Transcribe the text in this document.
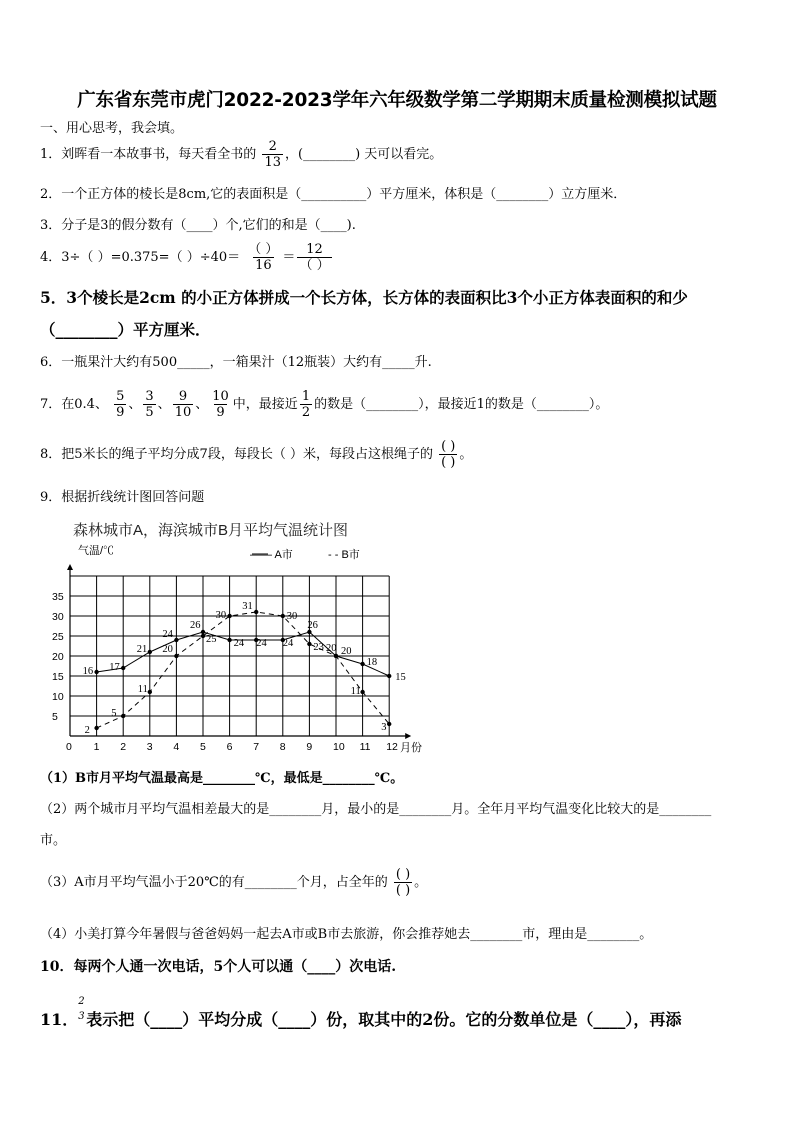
广东省东莞市虎门2022-2023学年六年级数学第二学期期末质量检测模拟试题
一、用心思考，我会填。
1．刘晖看一本故事书，每天看全书的 $\frac{2}{13}$ ，(________) 天可以看完。
2．一个正方体的棱长是8cm,它的表面积是（__________）平方厘米，体积是（________）立方厘米．
3．分子是3的假分数有（____）个,它们的和是（____).
4．3÷（ ）=0.375=（ ）$\div 40= \frac{( )}{16} = \frac{12}{( )}$
5．3个棱长是2cm 的小正方体拼成一个长方体，长方体的表面积比3个小正方体表面积的和少
（________）平方厘米．
6．一瓶果汁大约有500_____，一箱果汁（12瓶装）大约有_____升.
7．在0.4、 $\frac{5}{9}$ 、 $\frac{3}{5}$ 、 $\frac{9}{10}$ 、 $\frac{10}{9}$ 中，最接近 $\frac{1}{2}$ 的数是（________），最接近1的数是（________）。
8．把5米长的绳子平均分成7段，每段长（ ）米，每段占这根绳子的 $\frac{( )}{( )}$ 。
9．根据折线统计图回答问题
森林城市A，海滨城市B月平均气温统计图
0 1 2 3 4 5 6 7 8 9 10 11 12
5
10
15
20
25
30
35
16 17
21
24
26
24 24 24
26
20
18
15
2
5
11
20
25
30
31
30
23 20
11
3
气温/℃
月份
—— A市	- - B市
（1）B市月平均气温最高是________℃，最低是________℃。
（2）两个城市月平均气温相差最大的是________月，最小的是________月。全年月平均气温变化比较大的是________
市。
（3）A市月平均气温小于20℃的有________个月，占全年的 $\frac{( )}{( )}$ 。
（4）小美打算今年暑假与爸爸妈妈一起去A市或B市去旅游，你会推荐她去________市，理由是________。
10．每两个人通一次电话，5个人可以通（____）次电话.
11．
2
3 表示把（____）平均分成（____）份，取其中的2份。它的分数单位是（____），再添
